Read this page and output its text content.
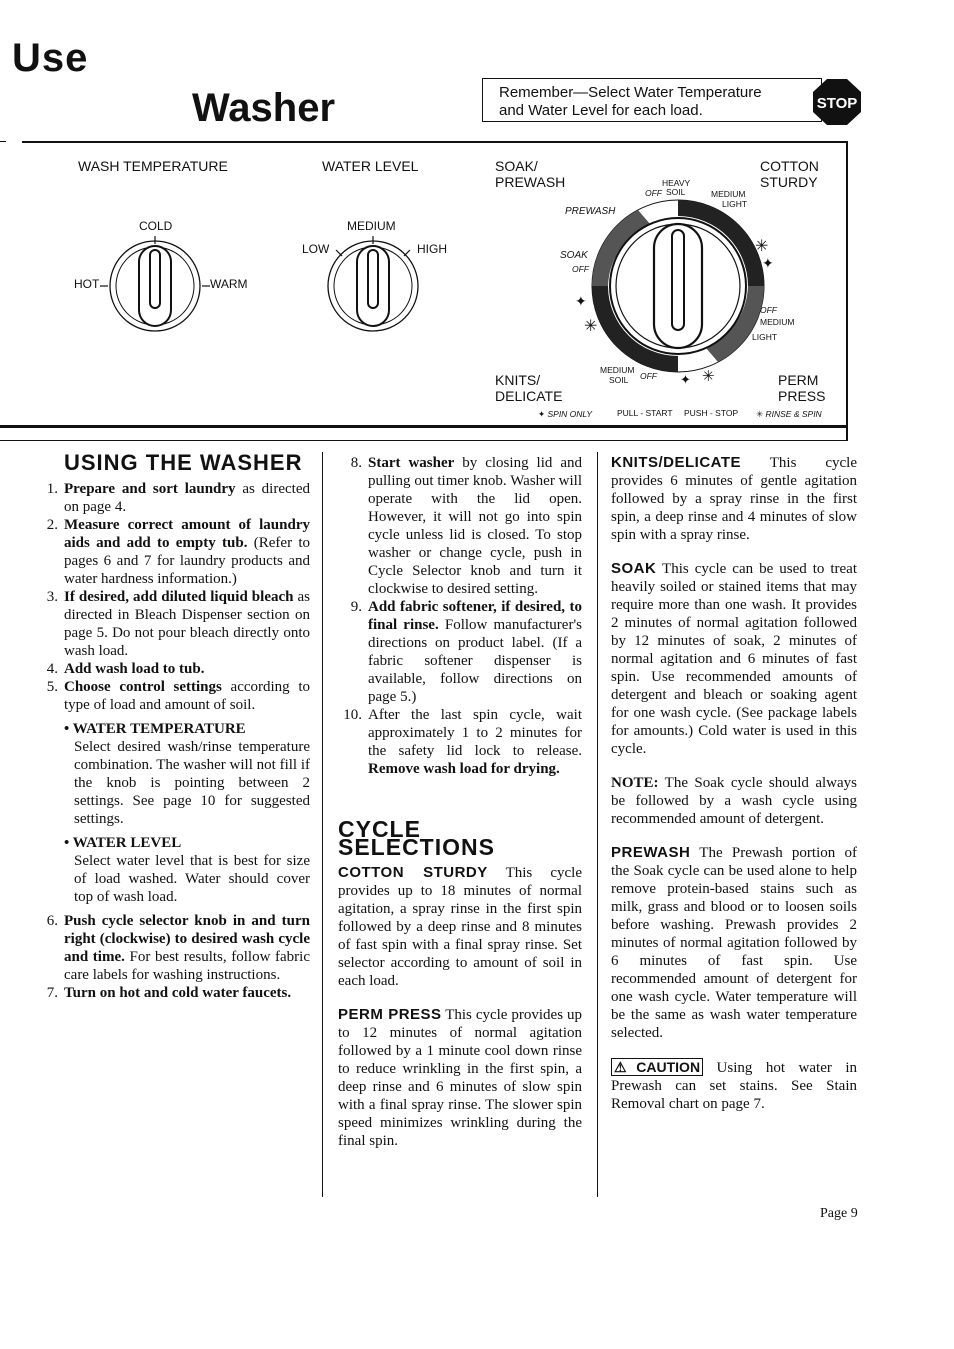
Use
Washer	Remember—Select Water Temperature
and Water Level for each load.	STOP
WASH TEMPERATURE	WATER LEVEL
COLD
HOT	WARM
MEDIUM
LOW	HIGH
SOAK/
PREWASH
COTTON
STURDY
KNITS/
DELICATE
PERM
PRESS
HEAVY
OFF SOIL	MEDIUM
LIGHT
PREWASH
SOAK
OFF
OFF
MEDIUM
LIGHT
MEDIUM
SOIL OFF
✳
✦
✦
✳
✦ ✳
✦ SPIN ONLY	PULL - START PUSH - STOP ✳ RINSE & SPIN
USING THE WASHER
1. Prepare and sort laundry as directed on page 4.
2. Measure correct amount of laundry aids and add to empty tub. (Refer to pages 6 and 7 for laundry products and water hardness information.)
3. If desired, add diluted liquid bleach as directed in Bleach Dispenser section on page 5. Do not pour bleach directly onto wash load.
4. Add wash load to tub.
5. Choose control settings according to type of load and amount of soil.
• WATER TEMPERATURE
Select desired wash/rinse temperature combination. The washer will not fill if the knob is pointing between 2 settings. See page 10 for suggested settings.
• WATER LEVEL
Select water level that is best for size of load washed. Water should cover top of wash load.
6. Push cycle selector knob in and turn right (clockwise) to desired wash cycle and time. For best results, follow fabric care labels for washing instructions.
7. Turn on hot and cold water faucets.
8. Start washer by closing lid and pulling out timer knob. Washer will operate with the lid open. However, it will not go into spin cycle unless lid is closed. To stop washer or change cycle, push in Cycle Selector knob and turn it clockwise to desired setting.
9. Add fabric softener, if desired, to final rinse. Follow manufacturer's directions on product label. (If a fabric softener dispenser is available, follow directions on page 5.)
10. After the last spin cycle, wait approximately 1 to 2 minutes for the safety lid lock to release. Remove wash load for drying.
CYCLE SELECTIONS

COTTON STURDY This cycle provides up to 18 minutes of normal agitation, a spray rinse in the first spin followed by a deep rinse and 8 minutes of fast spin with a final spray rinse. Set selector according to amount of soil in each load.

PERM PRESS This cycle provides up to 12 minutes of normal agitation followed by a 1 minute cool down rinse to reduce wrinkling in the first spin, a deep rinse and 6 minutes of slow spin with a final spray rinse. The slower spin speed minimizes wrinkling during the final spin.

KNITS/DELICATE This cycle provides 6 minutes of gentle agitation followed by a spray rinse in the first spin, a deep rinse and 4 minutes of slow spin with a spray rinse.

SOAK This cycle can be used to treat heavily soiled or stained items that may require more than one wash. It provides 2 minutes of normal agitation followed by 12 minutes of soak, 2 minutes of normal agitation and 6 minutes of fast spin. Use recommended amounts of detergent and bleach or soaking agent for one wash cycle. (See package labels for amounts.) Cold water is used in this cycle.

NOTE: The Soak cycle should always be followed by a wash cycle using recommended amount of detergent.

PREWASH The Prewash portion of the Soak cycle can be used alone to help remove protein-based stains such as milk, grass and blood or to loosen soils before washing. Prewash provides 2 minutes of normal agitation followed by 6 minutes of fast spin. Use recommended amount of detergent for one wash cycle. Water temperature will be the same as wash water temperature selected.

⚠CAUTION Using hot water in Prewash can set stains. See Stain Removal chart on page 7.

Page 9
